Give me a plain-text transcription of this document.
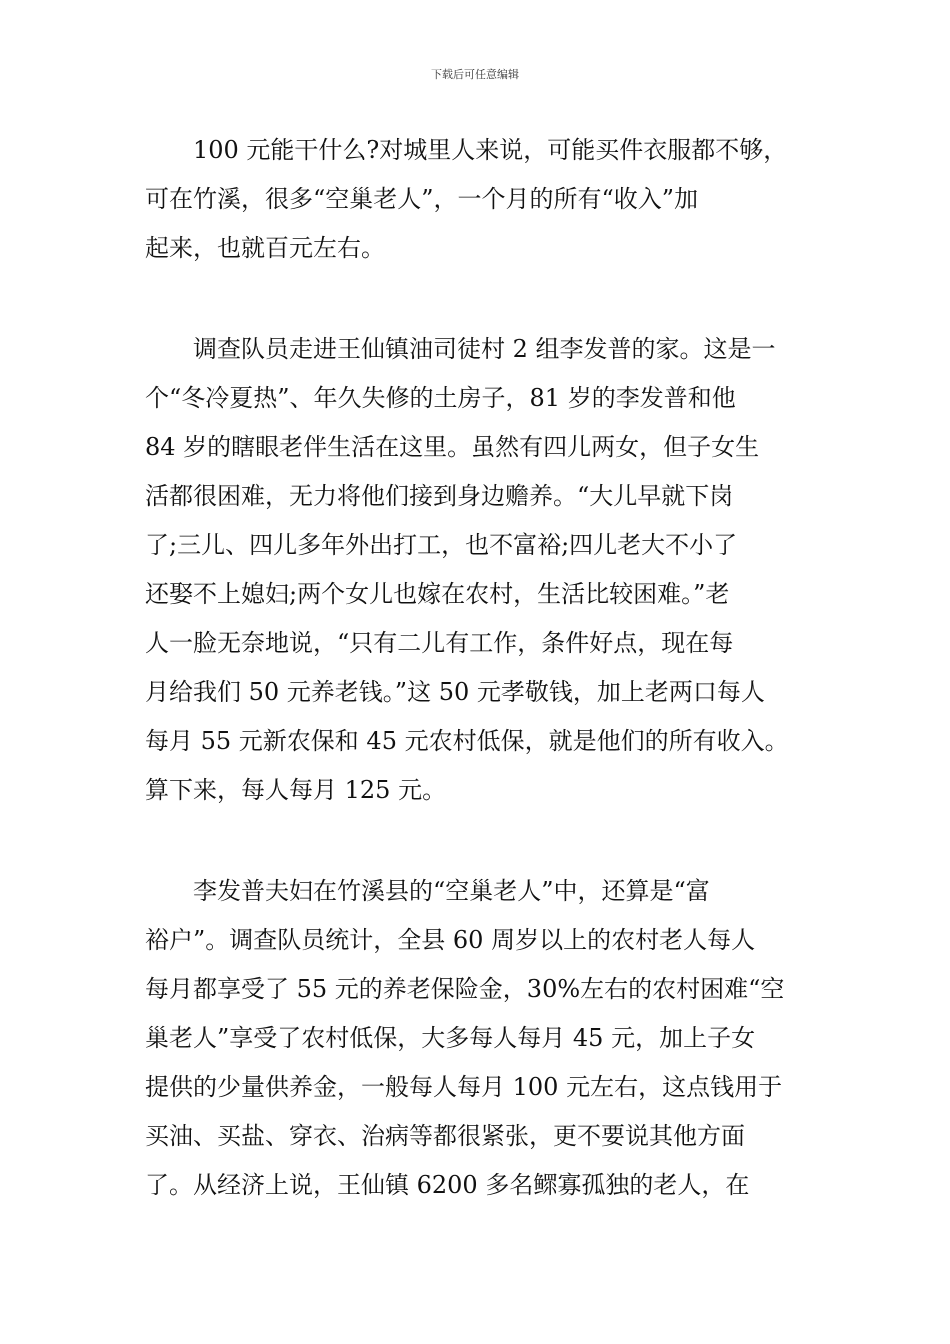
下载后可任意编辑
　　100 元能干什么?对城里人来说，可能买件衣服都不够，
可在竹溪，很多“空巢老人”，一个月的所有“收入”加
起来，也就百元左右。
　　调查队员走进王仙镇油司徒村 2 组李发普的家。这是一
个“冬冷夏热”、年久失修的土房子，81 岁的李发普和他
84 岁的瞎眼老伴生活在这里。虽然有四儿两女，但子女生
活都很困难，无力将他们接到身边赡养。“大儿早就下岗
了;三儿、四儿多年外出打工，也不富裕;四儿老大不小了
还娶不上媳妇;两个女儿也嫁在农村，生活比较困难。”老
人一脸无奈地说，“只有二儿有工作，条件好点，现在每
月给我们 50 元养老钱。”这 50 元孝敬钱，加上老两口每人
每月 55 元新农保和 45 元农村低保，就是他们的所有收入。
算下来，每人每月 125 元。
　　李发普夫妇在竹溪县的“空巢老人”中，还算是“富
裕户”。调查队员统计，全县 60 周岁以上的农村老人每人
每月都享受了 55 元的养老保险金，30%左右的农村困难“空
巢老人”享受了农村低保，大多每人每月 45 元，加上子女
提供的少量供养金，一般每人每月 100 元左右，这点钱用于
买油、买盐、穿衣、治病等都很紧张，更不要说其他方面
了。从经济上说，王仙镇 6200 多名鳏寡孤独的老人，在
